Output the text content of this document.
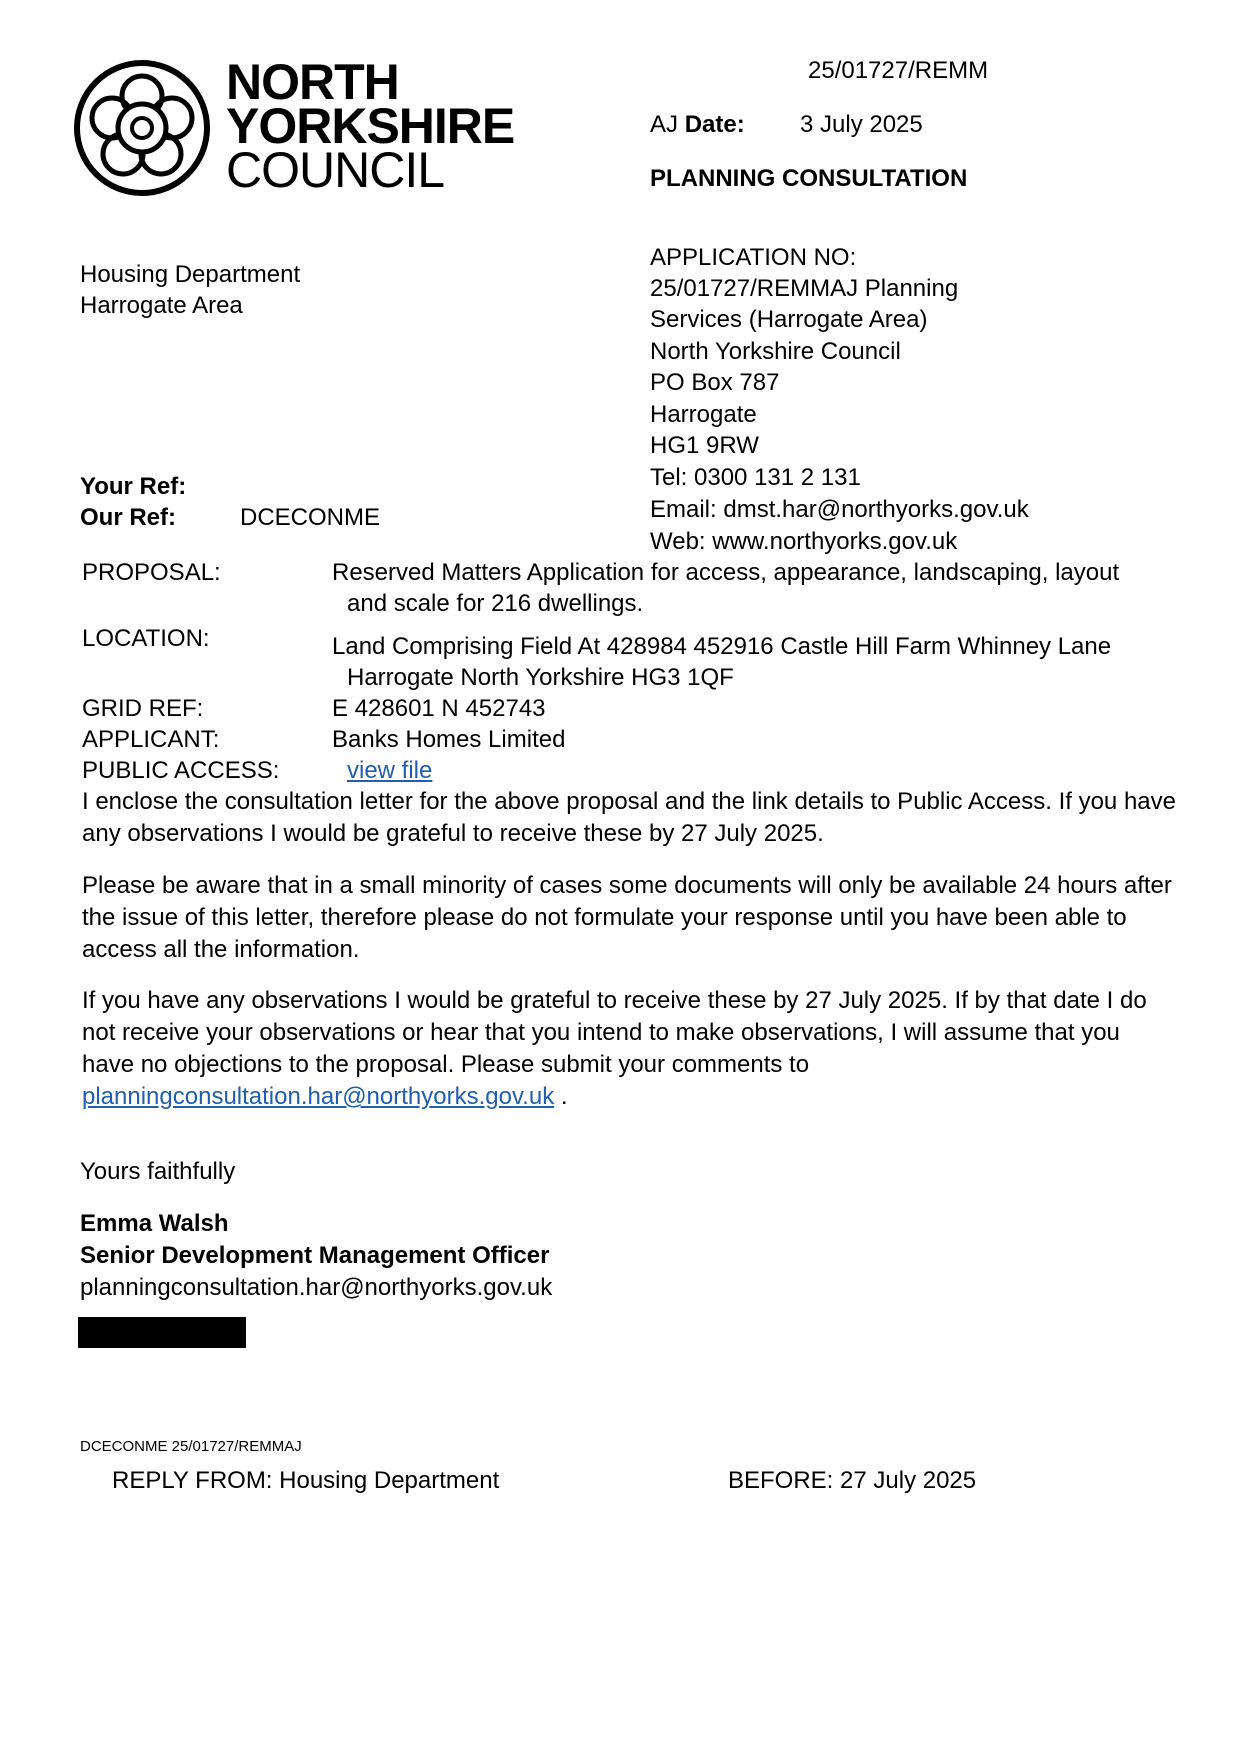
NORTH
YORKSHIRE
COUNCIL
25/01727/REMM
AJ Date: 3 July 2025
PLANNING CONSULTATION
Housing Department
Harrogate Area
APPLICATION NO:
25/01727/REMMAJ Planning
Services (Harrogate Area)
North Yorkshire Council
PO Box 787
Harrogate
HG1 9RW
Tel: 0300 131 2 131
Email: dmst.har@northyorks.gov.uk
Web: www.northyorks.gov.uk
Your Ref:
Our Ref:	DCECONME
PROPOSAL:	Reserved Matters Application for access, appearance, landscaping, layout
and scale for 216 dwellings.
LOCATION:	Land Comprising Field At 428984 452916 Castle Hill Farm Whinney Lane
Harrogate North Yorkshire HG3 1QF
GRID REF:	E 428601 N 452743
APPLICANT:	Banks Homes Limited
PUBLIC ACCESS:	view file
I enclose the consultation letter for the above proposal and the link details to Public Access. If you have any observations I would be grateful to receive these by 27 July 2025.
Please be aware that in a small minority of cases some documents will only be available 24 hours after the issue of this letter, therefore please do not formulate your response until you have been able to access all the information.
If you have any observations I would be grateful to receive these by 27 July 2025. If by that date I do not receive your observations or hear that you intend to make observations, I will assume that you have no objections to the proposal. Please submit your comments to planningconsultation.har@northyorks.gov.uk .
Yours faithfully
Emma Walsh
Senior Development Management Officer
planningconsultation.har@northyorks.gov.uk
DCECONME 25/01727/REMMAJ
REPLY FROM: Housing Department	BEFORE: 27 July 2025
